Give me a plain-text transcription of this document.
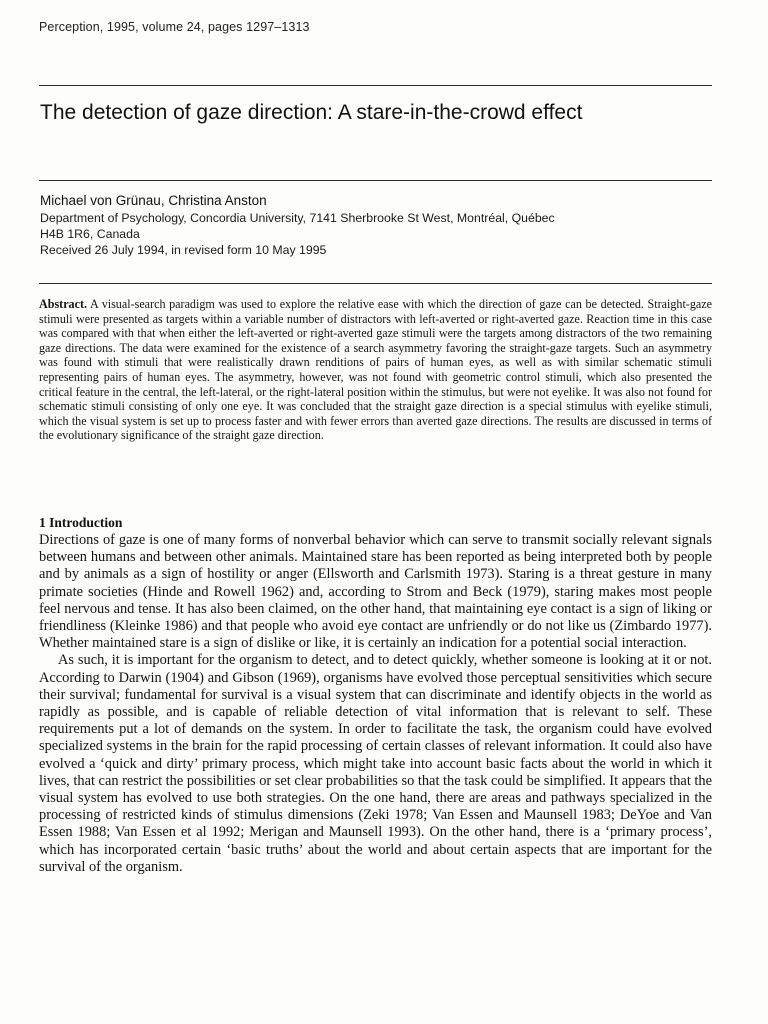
Perception, 1995, volume 24, pages 1297–1313
The detection of gaze direction: A stare-in-the-crowd effect
Michael von Grünau, Christina Anston
Department of Psychology, Concordia University, 7141 Sherbrooke St West, Montréal, Québec
H4B 1R6, Canada
Received 26 July 1994, in revised form 10 May 1995

Abstract. A visual-search paradigm was used to explore the relative ease with which the direction of gaze can be detected. Straight-gaze stimuli were presented as targets within a variable number of distractors with left-averted or right-averted gaze. Reaction time in this case was compared with that when either the left-averted or right-averted gaze stimuli were the targets among distractors of the two remaining gaze directions. The data were examined for the existence of a search asymmetry favoring the straight-gaze targets. Such an asymmetry was found with stimuli that were realistically drawn renditions of pairs of human eyes, as well as with similar schematic stimuli representing pairs of human eyes. The asymmetry, however, was not found with geometric control stimuli, which also presented the critical feature in the central, the left-lateral, or the right-lateral position within the stimulus, but were not eyelike. It was also not found for schematic stimuli consisting of only one eye. It was concluded that the straight gaze direction is a special stimulus with eyelike stimuli, which the visual system is set up to process faster and with fewer errors than averted gaze directions. The results are discussed in terms of the evolutionary significance of the straight gaze direction.

1 Introduction

Directions of gaze is one of many forms of nonverbal behavior which can serve to transmit socially relevant signals between humans and between other animals. Maintained stare has been reported as being interpreted both by people and by animals as a sign of hostility or anger (Ellsworth and Carlsmith 1973). Staring is a threat gesture in many primate societies (Hinde and Rowell 1962) and, according to Strom and Beck (1979), staring makes most people feel nervous and tense. It has also been claimed, on the other hand, that maintaining eye contact is a sign of liking or friendliness (Kleinke 1986) and that people who avoid eye contact are unfriendly or do not like us (Zimbardo 1977). Whether maintained stare is a sign of dislike or like, it is certainly an indication for a potential social interaction.

As such, it is important for the organism to detect, and to detect quickly, whether someone is looking at it or not. According to Darwin (1904) and Gibson (1969), organisms have evolved those perceptual sensitivities which secure their survival; fundamental for survival is a visual system that can discriminate and identify objects in the world as rapidly as possible, and is capable of reliable detection of vital information that is relevant to self. These requirements put a lot of demands on the system. In order to facilitate the task, the organism could have evolved specialized systems in the brain for the rapid processing of certain classes of relevant information. It could also have evolved a ‘quick and dirty’ primary process, which might take into account basic facts about the world in which it lives, that can restrict the possibilities or set clear probabilities so that the task could be simplified. It appears that the visual system has evolved to use both strategies. On the one hand, there are areas and pathways specialized in the processing of restricted kinds of stimulus dimensions (Zeki 1978; Van Essen and Maunsell 1983; DeYoe and Van Essen 1988; Van Essen et al 1992; Merigan and Maunsell 1993). On the other hand, there is a ‘primary process’, which has incorporated certain ‘basic truths’ about the world and about certain aspects that are important for the survival of the organism.
